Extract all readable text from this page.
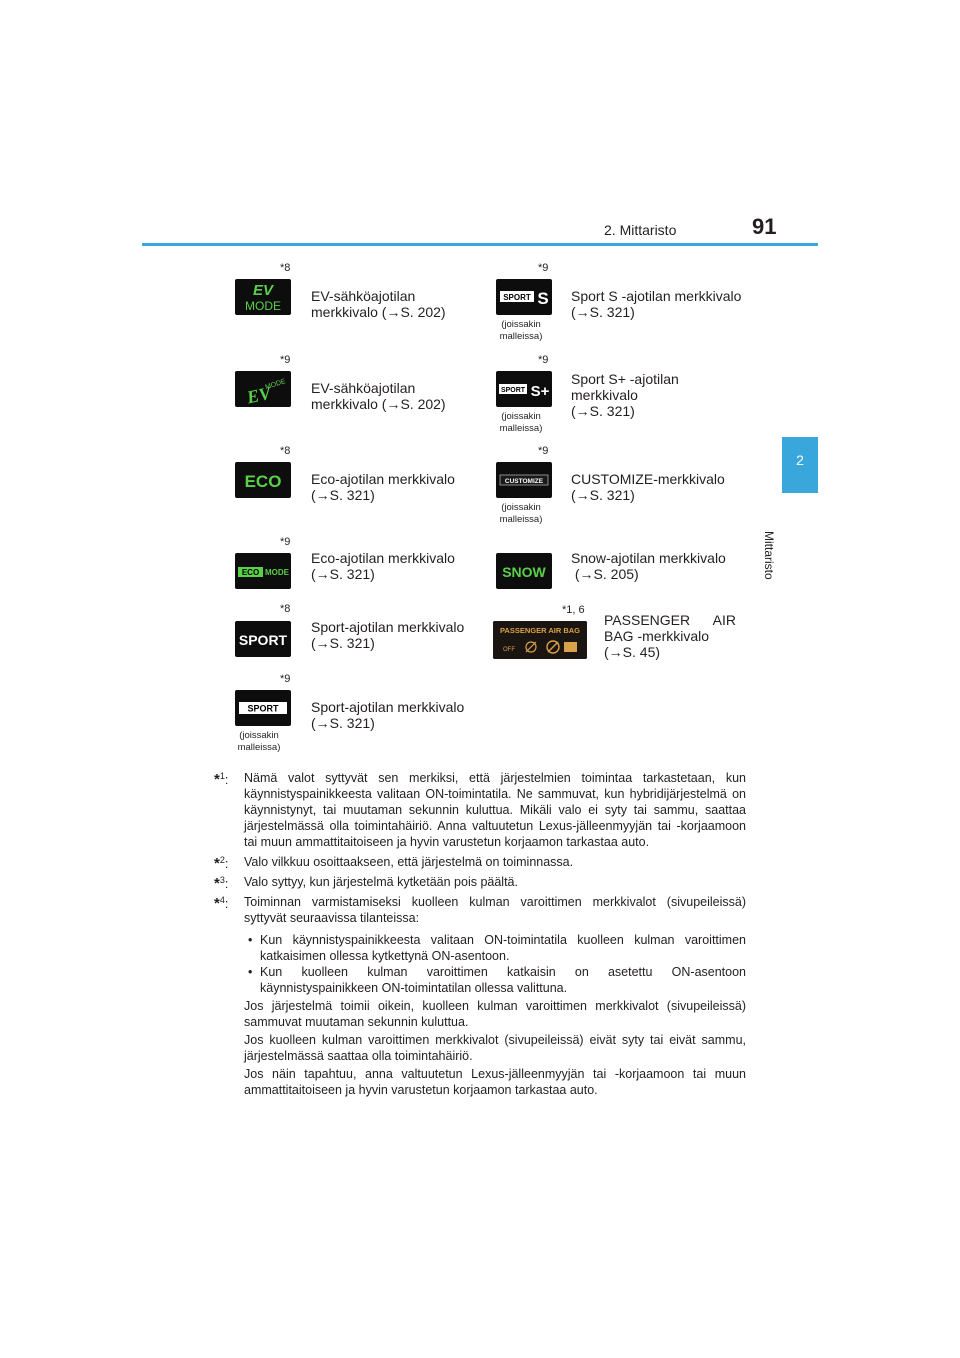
2. Mittaristo	91
2
Mittaristo
*8
EV
MODE
EV-sähköajotilan
merkkivalo (→S. 202)
*9
SPORT S
(joissakin
malleissa)
Sport S -ajotilan merkkivalo
(→S. 321)
*9
EV
MODE EV-sähköajotilan
merkkivalo (→S. 202)
*9
SPORT S+
(joissakin
malleissa)
Sport S+ -ajotilan
merkkivalo
(→S. 321)
*8
ECO Eco-ajotilan merkkivalo
(→S. 321)
*9
CUSTOMIZE
(joissakin
malleissa)
CUSTOMIZE-merkkivalo
(→S. 321)
*9
ECO MODE
Eco-ajotilan merkkivalo
(→S. 321)	SNOW
Snow-ajotilan merkkivalo
(→S. 205)
*8
SPORT
Sport-ajotilan merkkivalo
(→S. 321)
*1, 6
PASSENGER AIR BAG
OFF
PASSENGER      AIR
BAG -merkkivalo
(→S. 45)
*9
SPORT
(joissakin
malleissa)
Sport-ajotilan merkkivalo
(→S. 321)
*$^1$: Nämä valot syttyvät sen merkiksi, että järjestelmien toimintaa tarkastetaan, kun käynnistyspainikkeesta valitaan ON-toimintatila. Ne sammuvat, kun hybridijärjestelmä on käynnistynyt, tai muutaman sekunnin kuluttua. Mikäli valo ei syty tai sammu, saattaa järjestelmässä olla toimintahäiriö. Anna valtuutetun Lexus-jälleenmyyjän tai -korjaamoon tai muun ammattitaitoiseen ja hyvin varustetun korjaamon tarkastaa auto.
*$^2$: Valo vilkkuu osoittaakseen, että järjestelmä on toiminnassa.
*$^3$: Valo syttyy, kun järjestelmä kytketään pois päältä.
*$^4$: Toiminnan varmistamiseksi kuolleen kulman varoittimen merkkivalot (sivupeileissä) syttyvät seuraavissa tilanteissa:
• Kun käynnistyspainikkeesta valitaan ON-toimintatila kuolleen kulman varoittimen katkaisimen ollessa kytkettynä ON-asentoon.
• Kun kuolleen kulman varoittimen katkaisin on asetettu ON-asentoon käynnistyspainikkeen ON-toimintatilan ollessa valittuna.
Jos järjestelmä toimii oikein, kuolleen kulman varoittimen merkkivalot (sivupeileissä) sammuvat muutaman sekunnin kuluttua.
Jos kuolleen kulman varoittimen merkkivalot (sivupeileissä) eivät syty tai eivät sammu, järjestelmässä saattaa olla toimintahäiriö.
Jos näin tapahtuu, anna valtuutetun Lexus-jälleenmyyjän tai -korjaamoon tai muun ammattitaitoiseen ja hyvin varustetun korjaamon tarkastaa auto.
